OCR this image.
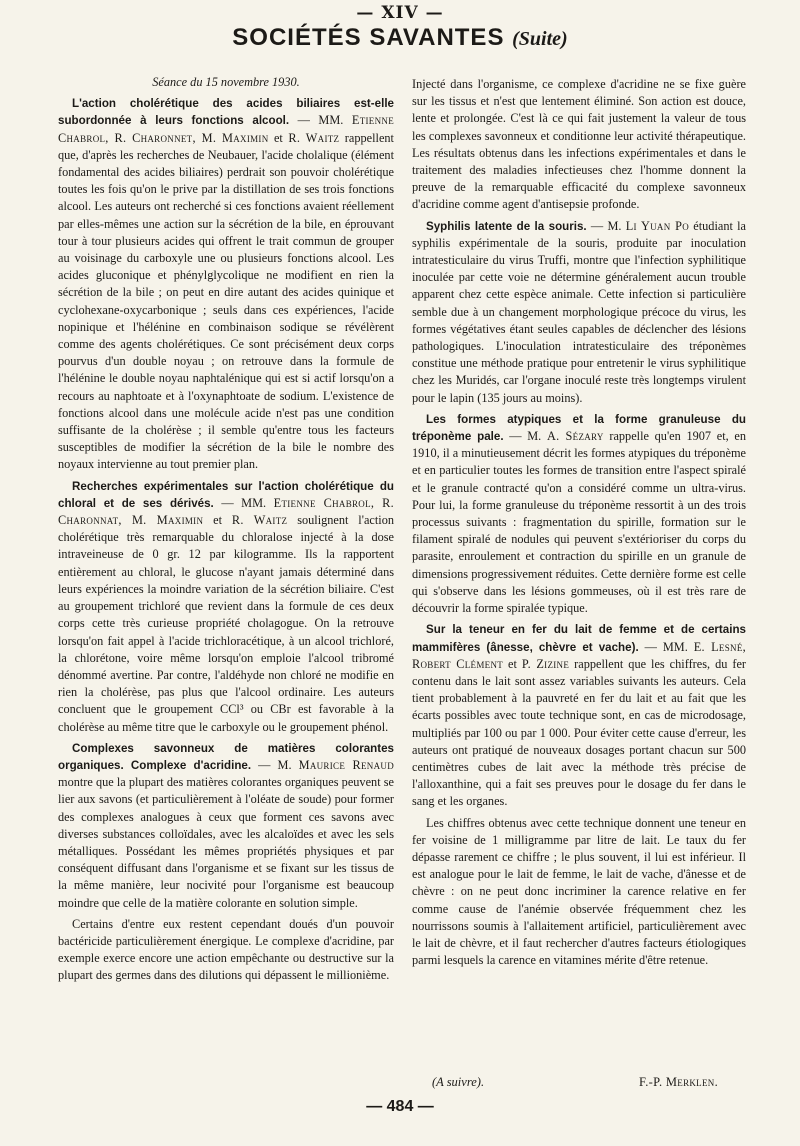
— XIV —
SOCIÉTÉS SAVANTES (Suite)

Séance du 15 novembre 1930.

L'action cholérétique des acides biliaires est-elle subordonnée à leurs fonctions alcool. — MM. Etienne Chabrol, R. Charonnet, M. Maximin et R. Waitz rappellent que, d'après les recherches de Neubauer, l'acide cholalique (élément fondamental des acides biliaires) perdrait son pouvoir cholérétique toutes les fois qu'on le prive par la distillation de ses trois fonctions alcool. Les auteurs ont recherché si ces fonctions avaient réellement par elles-mêmes une action sur la sécrétion de la bile, en éprouvant tour à tour plusieurs acides qui offrent le trait commun de grouper au voisinage du carboxyle une ou plusieurs fonctions alcool. Les acides gluconique et phénylglycolique ne modifient en rien la sécrétion de la bile ; on peut en dire autant des acides quinique et cyclohexane-oxycarbonique ; seuls dans ces expériences, l'acide nopinique et l'hélénine en combinaison sodique se révélèrent comme des agents cholérétiques. Ce sont précisément deux corps pourvus d'un double noyau ; on retrouve dans la formule de l'hélénine le double noyau naphtalénique qui est si actif lorsqu'on a recours au naphtoate et à l'oxynaphtoate de sodium. L'existence de fonctions alcool dans une molécule acide n'est pas une condition suffisante de la cholérèse ; il semble qu'entre tous les facteurs susceptibles de modifier la sécrétion de la bile le nombre des noyaux intervienne au tout premier plan.

Recherches expérimentales sur l'action cholérétique du chloral et de ses dérivés. — MM. Etienne Chabrol, R. Charonnat, M. Maximin et R. Waitz soulignent l'action cholérétique très remarquable du chloralose injecté à la dose intraveineuse de 0 gr. 12 par kilogramme. Ils la rapportent entièrement au chloral, le glucose n'ayant jamais déterminé dans leurs expériences la moindre variation de la sécrétion biliaire. C'est au groupement trichloré que revient dans la formule de ces deux corps cette très curieuse propriété cholagogue. On la retrouve lorsqu'on fait appel à l'acide trichloracétique, à un alcool trichloré, la chlorétone, voire même lorsqu'on emploie l'alcool tribromé dénommé avertine. Par contre, l'aldéhyde non chloré ne modifie en rien la cholérèse, pas plus que l'alcool ordinaire. Les auteurs concluent que le groupement CCl³ ou CBr est favorable à la cholérèse au même titre que le carboxyle ou le groupement phénol.

Complexes savonneux de matières colorantes organiques. Complexe d'acridine. — M. Maurice Renaud montre que la plupart des matières colorantes organiques peuvent se lier aux savons (et particulièrement à l'oléate de soude) pour former des complexes analogues à ceux que forment ces savons avec diverses substances colloïdales, avec les alcaloïdes et avec les sels métalliques. Possédant les mêmes propriétés physiques et par conséquent diffusant dans l'organisme et se fixant sur les tissus de la même manière, leur nocivité pour l'organisme est beaucoup moindre que celle de la matière colorante en solution simple.

Certains d'entre eux restent cependant doués d'un pouvoir bactéricide particulièrement énergique. Le complexe d'acridine, par exemple exerce encore une action empêchante ou destructive sur la plupart des germes dans des dilutions qui dépassent le millionième.

Injecté dans l'organisme, ce complexe d'acridine ne se fixe guère sur les tissus et n'est que lentement éliminé. Son action est douce, lente et prolongée. C'est là ce qui fait justement la valeur de tous les complexes savonneux et conditionne leur activité thérapeutique. Les résultats obtenus dans les infections expérimentales et dans le traitement des maladies infectieuses chez l'homme donnent la preuve de la remarquable efficacité du complexe savonneux d'acridine comme agent d'antisepsie profonde.

Syphilis latente de la souris. — M. Li Yuan Po étudiant la syphilis expérimentale de la souris, produite par inoculation intratesticulaire du virus Truffi, montre que l'infection syphilitique inoculée par cette voie ne détermine généralement aucun trouble apparent chez cette espèce animale. Cette infection si particulière semble due à un changement morphologique précoce du virus, les formes végétatives étant seules capables de déclencher des lésions pathologiques. L'inoculation intratesticulaire des tréponèmes constitue une méthode pratique pour entretenir le virus syphilitique chez les Muridés, car l'organe inoculé reste très longtemps virulent pour le lapin (135 jours au moins).

Les formes atypiques et la forme granuleuse du tréponème pale. — M. A. Sézary rappelle qu'en 1907 et, en 1910, il a minutieusement décrit les formes atypiques du tréponème et en particulier toutes les formes de transition entre l'aspect spiralé et le granule contracté qu'on a considéré comme un ultra-virus. Pour lui, la forme granuleuse du tréponème ressortit à un des trois processus suivants : fragmentation du spirille, formation sur le filament spiralé de nodules qui peuvent s'extérioriser du corps du parasite, enroulement et contraction du spirille en un granule de dimensions progressivement réduites. Cette dernière forme est celle qui s'observe dans les lésions gommeuses, où il est très rare de découvrir la forme spiralée typique.

Sur la teneur en fer du lait de femme et de certains mammifères (ânesse, chèvre et vache). — MM. E. Lesné, Robert Clément et P. Zizine rappellent que les chiffres, du fer contenu dans le lait sont assez variables suivants les auteurs. Cela tient probablement à la pauvreté en fer du lait et au fait que les écarts possibles avec toute technique sont, en cas de microdosage, multipliés par 100 ou par 1 000. Pour éviter cette cause d'erreur, les auteurs ont pratiqué de nouveaux dosages portant chacun sur 500 centimètres cubes de lait avec la méthode très précise de l'alloxanthine, qui a fait ses preuves pour le dosage du fer dans le sang et les organes.

Les chiffres obtenus avec cette technique donnent une teneur en fer voisine de 1 milligramme par litre de lait. Le taux du fer dépasse rarement ce chiffre ; le plus souvent, il lui est inférieur. Il est analogue pour le lait de femme, le lait de vache, d'ânesse et de chèvre : on ne peut donc incriminer la carence relative en fer comme cause de l'anémie observée fréquemment chez les nourrissons soumis à l'allaitement artificiel, particulièrement avec le lait de chèvre, et il faut rechercher d'autres facteurs étiologiques parmi lesquels la carence en vitamines mérite d'être retenue.

(A suivre).	F.-P. Merklen.
— 484 —
